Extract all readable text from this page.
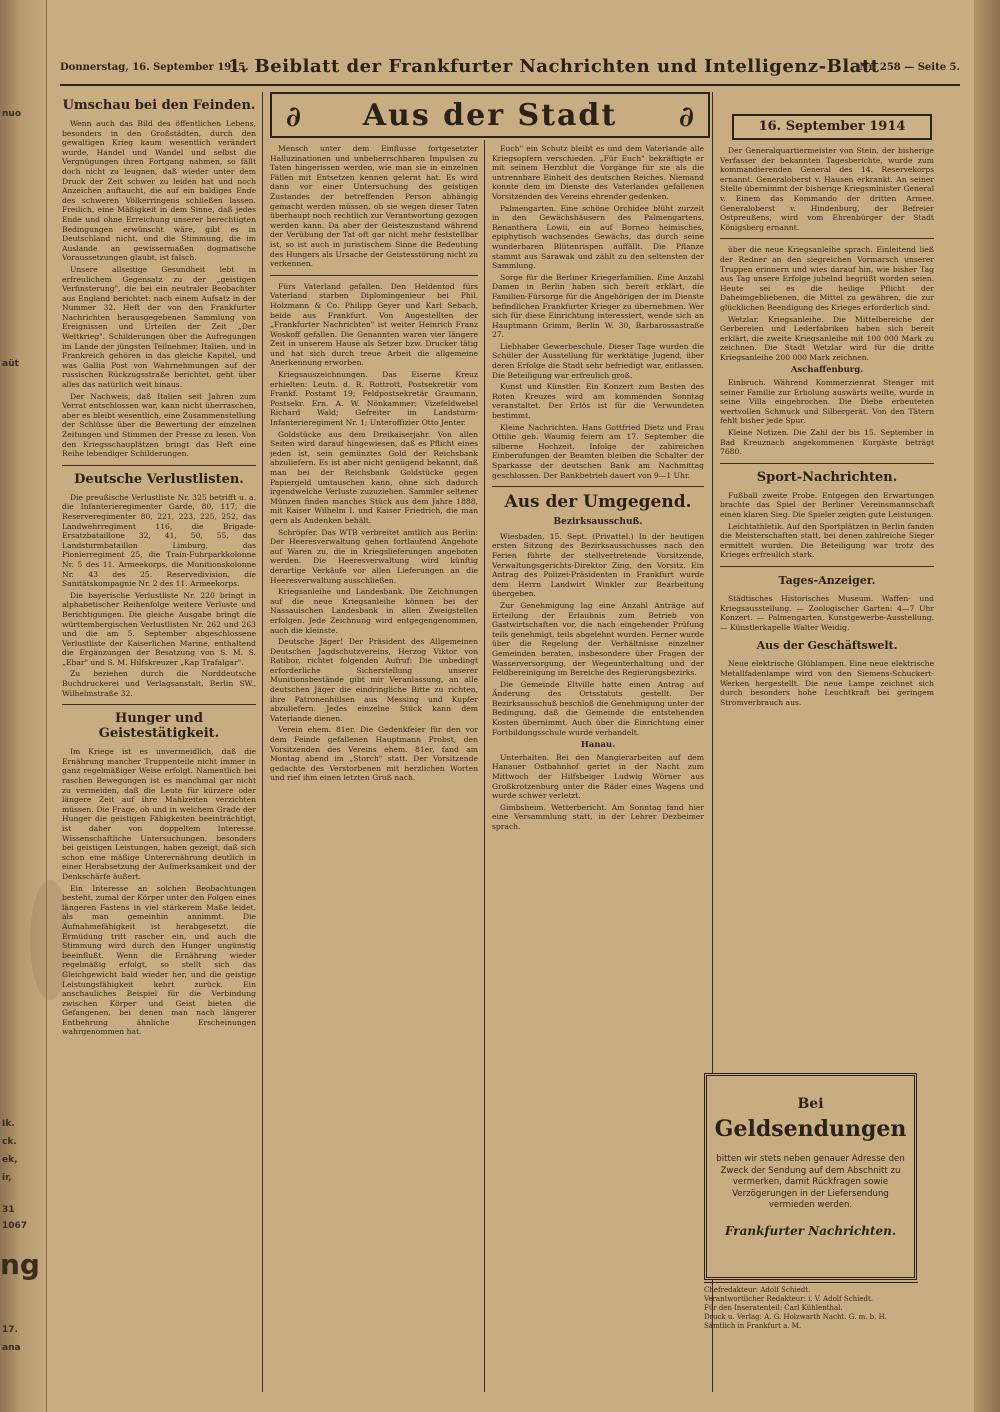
nuo
aüt
Ik.
ck.
ek,
ir,
31
1067
ng
17.
ana
Donnerstag, 16. September 1915.
1. Beiblatt der Frankfurter Nachrichten und Intelligenz-Blatt
Nr. 258 — Seite 5.
Umschau bei den Feinden.

Wenn auch das Bild des öffentlichen Lebens, besonders in den Großstädten, durch den gewaltigen Krieg kaum wesentlich verändert wurde, Handel und Wandel und selbst die Vergnügungen ihren Fortgang nahmen, so fällt doch nicht zu leugnen, daß wieder unter dem Druck der Zeit schwer zu leiden hat und noch Anzeichen auftaucht, die auf ein baldiges Ende des schweren Völkerringens schließen lassen. Freilich, eine Mäßigkeit in dem Sinne, daß jedes Ende und ohne Erreichung unserer berechtigten Bedingungen erwünscht wäre, gibt es in Deutschland nicht, und die Stimmung, die im Auslande an gewissermaßen dogmatische Voraussetzungen glaubt, ist falsch.

Unsere allseitige Gesundheit lebt in erfreulichem Gegensatz zu der „geistigen Verfinsterung", die bei ein neutraler Beobachter aus England berichtet: nach einem Aufsatz in der Nummer 32. Heft der von den Frankfurter Nachrichten herausgegebenen Sammlung von Ereignissen und Urteilen der Zeit „Der Weltkrieg". Schilderungen über die Aufregungen im Lande der jüngsten Teilnehmer, Italien, und in Frankreich gehören in das gleiche Kapitel, und was Gallia Post von Wahrnehmungen auf der russischen Rückzugsstraße berichtet, geht über alles das natürlich weit hinaus.

Der Nachweis, daß Italien seit Jahren zum Verrat entschlossen war, kann nicht überraschen, aber es bleibt wesentlich, eine Zusammenstellung der Schlüsse über die Bewertung der einzelnen Zeitungen und Stimmen der Presse zu lesen. Von den Kriegsschauplätzen bringt das Heft eine Reihe lebendiger Schilderungen.

Deutsche Verlustlisten.

Die preußische Verlustliste Nr. 325 betrifft u. a. die Infanterieregimenter Garde, 80, 117, die Reserveregimenter 80, 221, 223, 225, 252, das Landwehrregiment 116, die Brigade-Ersatzbataillone 32, 41, 50, 55, das Landsturmbataillon Limburg, das Pionierregiment 25, die Train-Fuhrparkkolonne Nr. 5 des 11. Armeekorps, die Munitionskolonne Nr. 43 des 25. Reservedivision, die Sanitätskompagnie Nr. 2 des 11. Armeekorps.

Die bayerische Verlustliste Nr. 220 bringt in alphabetischer Reihenfolge weitere Verluste und Berichtigungen. Die gleiche Ausgabe bringt die württembergischen Verlustlisten Nr. 262 und 263 und die am 5. September abgeschlossene Verlustliste der Kaiserlichen Marine, enthaltend die Ergänzungen der Besatzung von S. M. S. „Ebar" und S. M. Hilfskreuzer „Kap Trafalgar".

Zu beziehen durch die Norddeutsche Buchdruckerei und Verlagsanstalt, Berlin SW., Wilhelmstraße 32.

Hunger und Geistestätigkeit.

Im Kriege ist es unvermeidlich, daß die Ernährung mancher Truppenteile nicht immer in ganz regelmäßiger Weise erfolgt. Namentlich bei raschen Bewegungen ist es manchmal gar nicht zu vermeiden, daß die Leute für kürzere oder längere Zeit auf ihre Mahlzeiten verzichten müssen. Die Frage, ob und in welchem Grade der Hunger die geistigen Fähigkeiten beeinträchtigt, ist daher von doppeltem Interesse. Wissenschaftliche Untersuchungen, besonders bei geistigen Leistungen, haben gezeigt, daß sich schon eine mäßige Unterernährung deutlich in einer Herabsetzung der Aufmerksamkeit und der Denkschärfe äußert.

Ein Interesse an solchen Beobachtungen besteht, zumal der Körper unter den Folgen eines längeren Fastens in viel stärkerem Maße leidet, als man gemeinhin annimmt. Die Aufnahmefähigkeit ist herabgesetzt, die Ermüdung tritt rascher ein, und auch die Stimmung wird durch den Hunger ungünstig beeinflußt. Wenn die Ernährung wieder regelmäßig erfolgt, so stellt sich das Gleichgewicht bald wieder her, und die geistige Leistungsfähigkeit kehrt zurück. Ein anschauliches Beispiel für die Verbindung zwischen Körper und Geist bieten die Gefangenen, bei denen man nach längerer Entbehrung ähnliche Erscheinungen wahrgenommen hat.

∂	Aus der Stadt	∂

Mensch unter dem Einflusse fortgesetzter Halluzinationen und unbeherrschbaren Impulsen zu Taten hingerissen werden, wie man sie in einzelnen Fällen mit Entsetzen kennen gelernt hat. Es wird dann vor einer Untersuchung des geistigen Zustandes der betreffenden Person abhängig gemacht werden müssen, ob sie wegen dieser Taten überhaupt noch rechtlich zur Verantwortung gezogen werden kann. Da aber der Geisteszustand während der Verübung der Tat oft gar nicht mehr feststellbar ist, so ist auch in juristischem Sinne die Bedeutung des Hungers als Ursache der Geistesstörung nicht zu verkennen.

Fürs Vaterland gefallen. Den Heldentod fürs Vaterland starben Diplomingenieur bei Phil. Holzmann & Co. Philipp Geyer und Karl Sebach, beide aus Frankfurt. Von Angestellten der „Frankfurter Nachrichten" ist weiter Heinrich Franz Woskoff gefallen. Die Genannten waren vier längere Zeit in unserem Hause als Setzer bzw. Drucker tätig und hat sich durch treue Arbeit die allgemeine Anerkennung erworben.

Kriegsauszeichnungen. Das Eiserne Kreuz erhielten: Leutn. d. R. Rottrott, Postsekretär vom Frankf. Postamt 19; Feldpostsekretär Graumann, Postsekr. Ern. A. W. Nönkammer; Vizefeldwebel Richard Wald; Gefreiter im Landsturm-Infanterieregiment Nr. 1; Unteroffizier Otto Jenter.

Goldstücke aus dem Dreikaiserjahr. Von allen Seiten wird darauf hingewiesen, daß es Pflicht eines jeden ist, sein gemünztes Gold der Reichsbank abzuliefern. Es ist aber nicht genügend bekannt, daß man bei der Reichsbank Goldstücke gegen Papiergeld umtauschen kann, ohne sich dadurch irgendwelche Verluste zuzuziehen. Sammler seltener Münzen finden manches Stück aus dem Jahre 1888, mit Kaiser Wilhelm I. und Kaiser Friedrich, die man gern als Andenken behält.

Schröpfer. Das WTB verbreitet amtlich aus Berlin: Der Heeresverwaltung gehen fortlaufend Angebote auf Waren zu, die in Kriegslieferungen angeboten werden. Die Heeresverwaltung wird künftig derartige Verkäufe vor allen Lieferungen an die Heeresverwaltung ausschließen.

Kriegsanleihe und Landesbank. Die Zeichnungen auf die neue Kriegsanleihe können bei der Nassauischen Landesbank in allen Zweigstellen erfolgen. Jede Zeichnung wird entgegengenommen, auch die kleinste.

Deutsche Jäger! Der Präsident des Allgemeinen Deutschen Jagdschutzvereins, Herzog Viktor von Ratibor, richtet folgenden Aufruf: Die unbedingt erforderliche Sicherstellung unserer Munitionsbestände gibt mir Veranlassung, an alle deutschen Jäger die eindringliche Bitte zu richten, ihre Patronenhülsen aus Messing und Kupfer abzuliefern. Jedes einzelne Stück kann dem Vaterlande dienen.

Verein ehem. 81er. Die Gedenkfeier für den vor dem Feinde gefallenen Hauptmann Probst, den Vorsitzenden des Vereins ehem. 81er, fand am Montag abend im „Storch" statt. Der Vorsitzende gedachte des Verstorbenen mit herzlichen Worten und rief ihm einen letzten Gruß nach.

Euch" ein Schutz bleibt es und dem Vaterlande alle Kriegsopfern verschieden. „Für Euch" bekräftigte er mit seinem Herzblut die Vorgänge für sie als die untrennbare Einheit des deutschen Reiches. Niemand konnte dem im Dienste des Vaterlandes gefallenen Vorsitzenden des Vereins ehrender gedenken.

Palmengarten. Eine schöne Orchidee blüht zurzeit in den Gewächshäusern des Palmengartens, Renanthera Lowii, ein auf Borneo heimisches, epiphytisch wachsendes Gewächs, das durch seine wunderbaren Blütenrispen auffällt. Die Pflanze stammt aus Sarawak und zählt zu den seltensten der Sammlung.

Sorge für die Berliner Kriegerfamilien. Eine Anzahl Damen in Berlin haben sich bereit erklärt, die Familien-Fürsorge für die Angehörigen der im Dienste befindlichen Frankfurter Krieger zu übernehmen. Wer sich für diese Einrichtung interessiert, wende sich an Hauptmann Grimm, Berlin W. 30, Barbarossastraße 27.

Liebhaber Gewerbeschule. Dieser Tage wurden die Schüler der Ausstellung für werktätige Jugend, über deren Erfolge die Stadt sehr befriedigt war, entlassen. Die Beteiligung war erfreulich groß.

Kunst und Künstler. Ein Konzert zum Besten des Roten Kreuzes wird am kommenden Sonntag veranstaltet. Der Erlös ist für die Verwundeten bestimmt.

Kleine Nachrichten. Hans Gottfried Dietz und Frau Ottilie geb. Waumig feiern am 17. September die silberne Hochzeit. Infolge der zahlreichen Einberufungen der Beamten bleiben die Schalter der Sparkasse der deutschen Bank am Nachmittag geschlossen. Der Bankbetrieb dauert von 9—1 Uhr.

Aus der Umgegend.
Bezirksausschuß.

Wiesbaden, 15. Sept. (Privattel.) In der heutigen ersten Sitzung des Bezirksausschusses nach den Ferien führte der stellvertretende Vorsitzende, Verwaltungsgerichts-Direktor Zing, den Vorsitz. Ein Antrag des Polizei-Präsidenten in Frankfurt wurde dem Herrn Landwirt Winkler zur Bearbeitung übergeben.

Zur Genehmigung lag eine Anzahl Anträge auf Erteilung der Erlaubnis zum Betrieb von Gastwirtschaften vor, die nach eingehender Prüfung teils genehmigt, teils abgelehnt wurden. Ferner wurde über die Regelung der Verhältnisse einzelner Gemeinden beraten, insbesondere über Fragen der Wasserversorgung, der Wegeunterhaltung und der Feldbereinigung im Bereiche des Regierungsbezirks.

Die Gemeinde Eltville hatte einen Antrag auf Änderung des Ortsstatuts gestellt. Der Bezirksausschuß beschloß die Genehmigung unter der Bedingung, daß die Gemeinde die entstehenden Kosten übernimmt. Auch über die Einrichtung einer Fortbildungsschule wurde verhandelt.

Hanau.

Unterhalten. Bei den Mangierarbeiten auf dem Hanauer Ostbahnhof geriet in der Nacht zum Mittwoch der Hilfsbeiger Ludwig Wörner aus Großkrotzenburg unter die Räder eines Wagens und wurde schwer verletzt.

Gimbsheim. Wetterbericht. Am Sonntag fand hier eine Versammlung statt, in der Lehrer Dezbeimer sprach.

16. September 1914

Der Generalquartiermeister von Stein, der bisherige Verfasser der bekannten Tagesberichte, wurde zum kommandierenden General des 14. Reservekorps ernannt. Generaloberst v. Hausen erkrankt. An seiner Stelle übernimmt der bisherige Kriegsminister General v. Einem das Kommando der dritten Armee. Generaloberst v. Hindenburg, der Befreier Ostpreußens, wird vom Ehrenbürger der Stadt Königsberg ernannt.

über die neue Kriegsanleihe sprach. Einleitend ließ der Redner an den siegreichen Vormarsch unserer Truppen erinnern und wies darauf hin, wie bisher Tag aus Tag unsere Erfolge jubelnd begrüßt worden seien. Heute sei es die heilige Pflicht der Daheimgebliebenen, die Mittel zu gewähren, die zur glücklichen Beendigung des Krieges erforderlich sind.

Wetzlar. Kriegsanleihe. Die Mittelbereiche der Gerbereien und Lederfabriken haben sich bereit erklärt, die zweite Kriegsanleihe mit 100 000 Mark zu zeichnen. Die Stadt Wetzlar wird für die dritte Kriegsanleihe 200 000 Mark zeichnen.

Aschaffenburg.

Einbruch. Während Kommerzienrat Stenger mit seiner Familie zur Erholung auswärts weilte, wurde in seine Villa eingebrochen. Die Diebe erbeuteten wertvollen Schmuck und Silbergerät. Von den Tätern fehlt bisher jede Spur.

Kleine Notizen. Die Zahl der bis 15. September in Bad Kreuznach angekommenen Kurgäste beträgt 7680.

Sport-Nachrichten.

Fußball zweite Probe. Entgegen den Erwartungen brachte das Spiel der Berliner Vereinsmannschaft einen klaren Sieg. Die Spieler zeigten gute Leistungen.

Leichtathletik. Auf den Sportplätzen in Berlin fanden die Meisterschaften statt, bei denen zahlreiche Sieger ermittelt wurden. Die Beteiligung war trotz des Krieges erfreulich stark.

Tages-Anzeiger.

Städtisches Historisches Museum. Waffen- und Kriegsausstellung. — Zoologischer Garten: 4—7 Uhr Konzert. — Palmengarten, Kunstgewerbe-Ausstellung. — Künstlerkapelle Walter Weidig.

Aus der Geschäftswelt.

Neue elektrische Glühlampen. Eine neue elektrische Metallfadenlampe wird von den Siemens-Schuckert-Werken hergestellt. Die neue Lampe zeichnet sich durch besonders hohe Leuchtkraft bei geringem Stromverbrauch aus.

Bei
Geldsendungen
bitten wir stets neben genauer Adresse den Zweck der Sendung auf dem Abschnitt zu vermerken, damit Rückfragen sowie Verzögerungen in der Liefersendung vermieden werden.
Frankfurter Nachrichten.
Chefredakteur: Adolf Schiedt.
Verantwortlicher Redakteur: i. V. Adolf Schiedt.
Für den Inseratenteil: Carl Kühlenthal.
Druck u. Verlag: A. G. Holzwarth Nacht. G. m. b. H.
Sämtlich in Frankfurt a. M.
